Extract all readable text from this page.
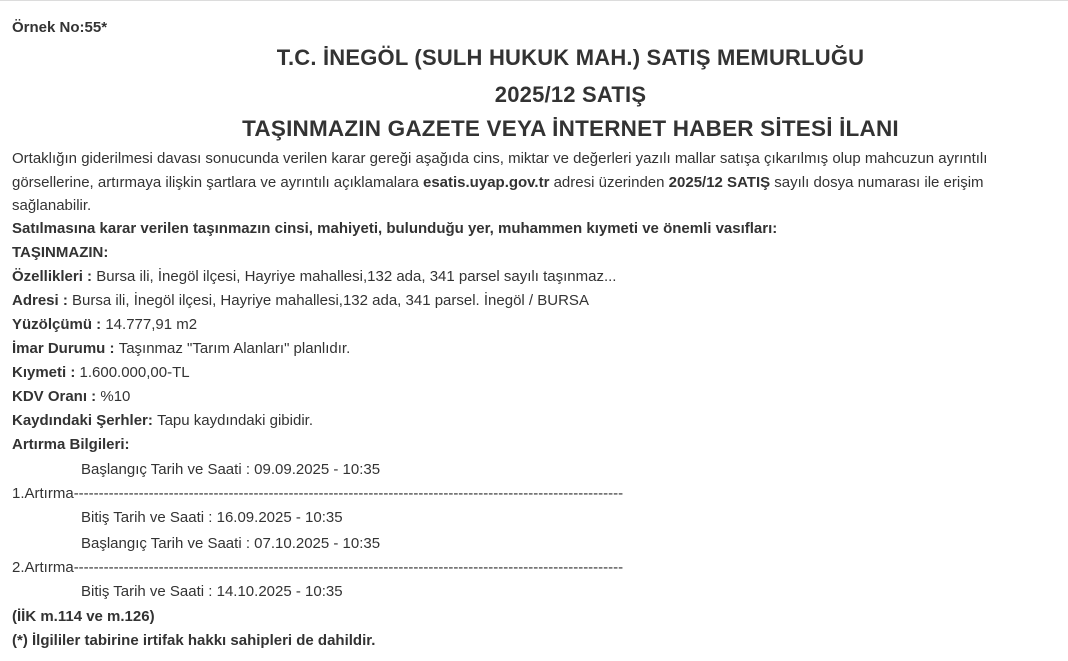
Örnek No:55*
T.C. İNEGÖL (SULH HUKUK MAH.) SATIŞ MEMURLUĞU
2025/12 SATIŞ
TAŞINMAZIN GAZETE VEYA İNTERNET HABER SİTESİ İLANI
Ortaklığın giderilmesi davası sonucunda verilen karar gereği aşağıda cins, miktar ve değerleri yazılı mallar satışa çıkarılmış olup mahcuzun ayrıntılı görsellerine, artırmaya ilişkin şartlara ve ayrıntılı açıklamalara esatis.uyap.gov.tr adresi üzerinden 2025/12 SATIŞ sayılı dosya numarası ile erişim sağlanabilir.
Satılmasına karar verilen taşınmazın cinsi, mahiyeti, bulunduğu yer, muhammen kıymeti ve önemli vasıfları:
TAŞINMAZIN:
Özellikleri : Bursa ili, İnegöl ilçesi, Hayriye mahallesi,132 ada, 341 parsel sayılı taşınmaz...
Adresi : Bursa ili, İnegöl ilçesi, Hayriye mahallesi,132 ada, 341 parsel. İnegöl / BURSA
Yüzölçümü : 14.777,91 m2
İmar Durumu : Taşınmaz "Tarım Alanları" planlıdır.
Kıymeti : 1.600.000,00-TL
KDV Oranı : %10
Kaydındaki Şerhler: Tapu kaydındaki gibidir.
Artırma Bilgileri:
Başlangıç Tarih ve Saati : 09.09.2025 - 10:35
1.Artırma--------------------------------------------------------------------------------------------------------------
Bitiş Tarih ve Saati : 16.09.2025 - 10:35
Başlangıç Tarih ve Saati : 07.10.2025 - 10:35
2.Artırma--------------------------------------------------------------------------------------------------------------
Bitiş Tarih ve Saati : 14.10.2025 - 10:35
(İİK m.114 ve m.126)
(*) İlgililer tabirine irtifak hakkı sahipleri de dahildir.
